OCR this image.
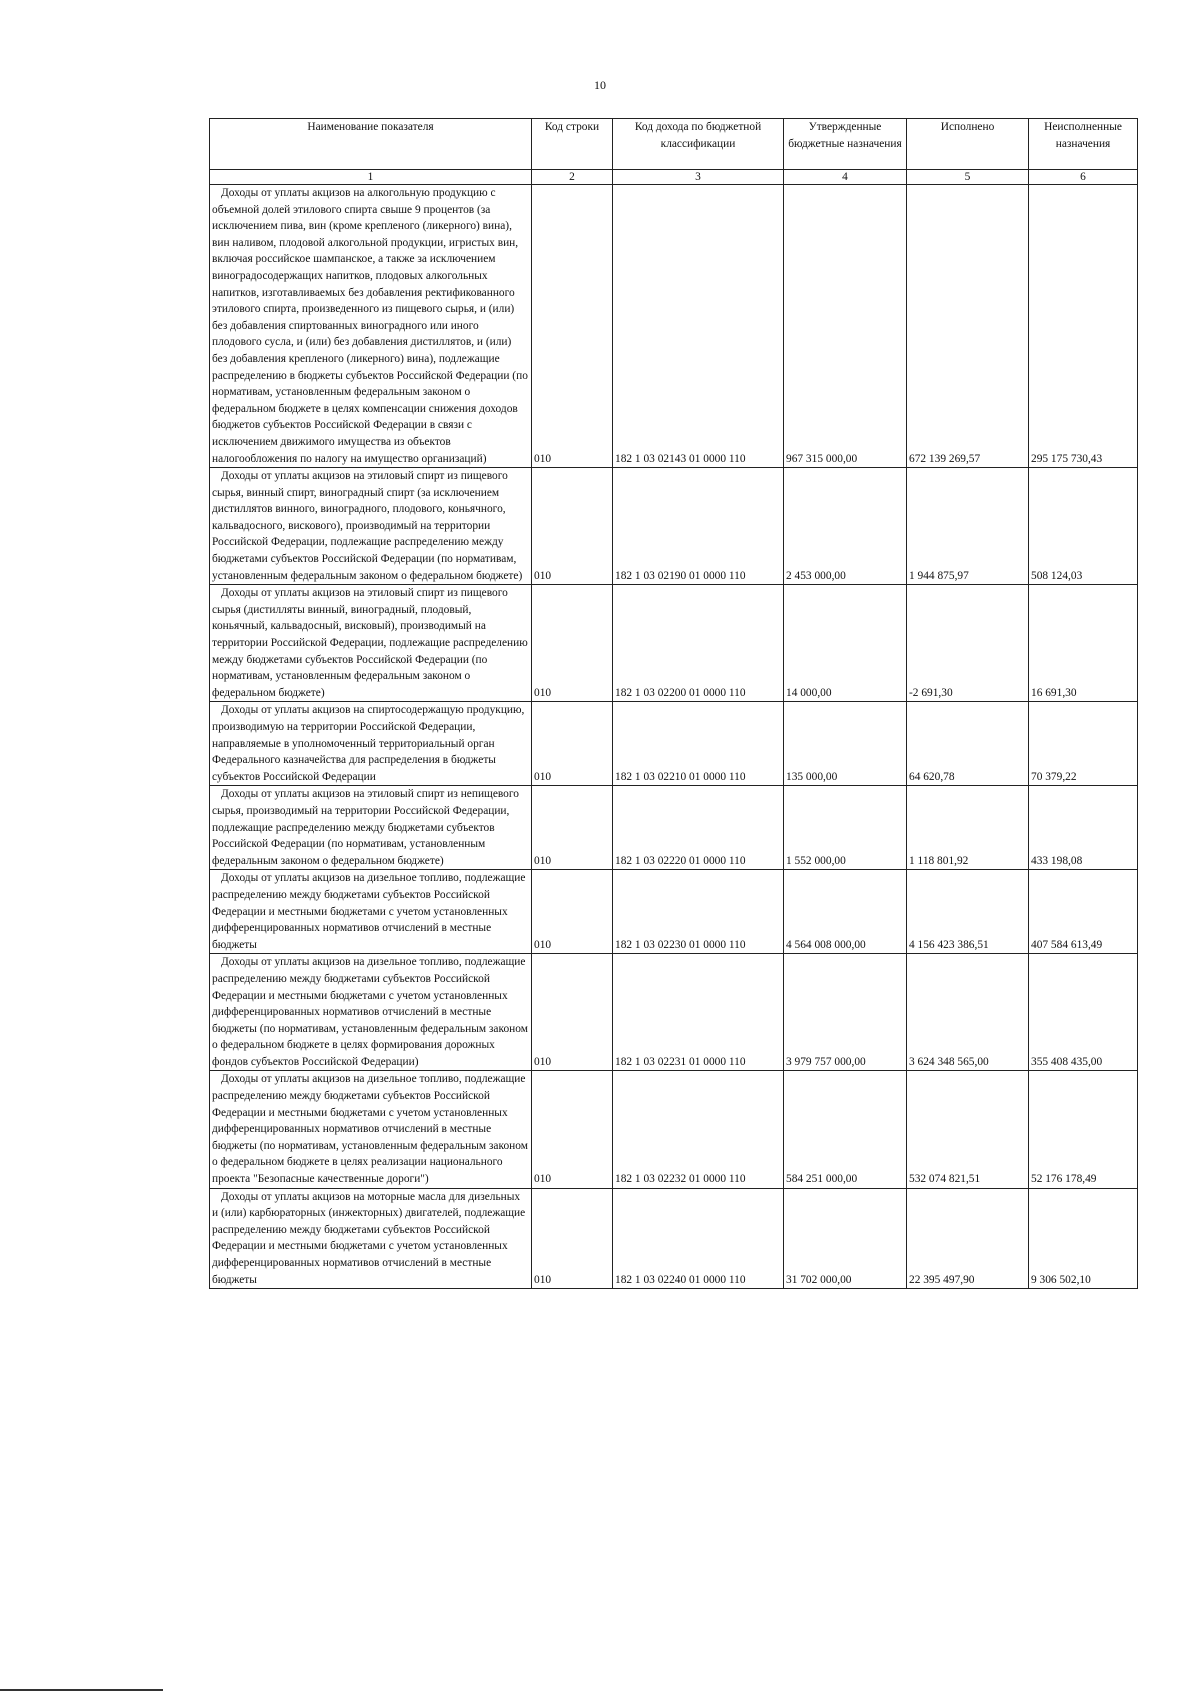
10
Наименование показателя	Код строки	Код дохода по бюджетной классификации	Утвержденные бюджетные назначения	Исполнено	Неисполненные назначения
1	2	3	4	5	6

Доходы от уплаты акцизов на алкогольную продукцию с объемной долей этилового спирта свыше 9 процентов (за исключением пива, вин (кроме крепленого (ликерного) вина), вин наливом, плодовой алкогольной продукции, игристых вин, включая российское шампанское, а также за исключением виноградосодержащих напитков, плодовых алкогольных напитков, изготавливаемых без добавления ректификованного этилового спирта, произведенного из пищевого сырья, и (или) без добавления спиртованных виноградного или иного плодового сусла, и (или) без добавления дистиллятов, и (или) без добавления крепленого (ликерного) вина), подлежащие распределению в бюджеты субъектов Российской Федерации (по нормативам, установленным федеральным законом о федеральном бюджете в целях компенсации снижения доходов бюджетов субъектов Российской Федерации в связи с исключением движимого имущества из объектов налогообложения по налогу на имущество организаций)	010	182 1 03 02143 01 0000 110	967 315 000,00	672 139 269,57	295 175 730,43

Доходы от уплаты акцизов на этиловый спирт из пищевого сырья, винный спирт, виноградный спирт (за исключением дистиллятов винного, виноградного, плодового, коньячного, кальвадосного, вискового), производимый на территории Российской Федерации, подлежащие распределению между бюджетами субъектов Российской Федерации (по нормативам, установленным федеральным законом о федеральном бюджете)	010	182 1 03 02190 01 0000 110	2 453 000,00	1 944 875,97	508 124,03

Доходы от уплаты акцизов на этиловый спирт из пищевого сырья (дистилляты винный, виноградный, плодовый, коньячный, кальвадосный, висковый), производимый на территории Российской Федерации, подлежащие распределению между бюджетами субъектов Российской Федерации (по нормативам, установленным федеральным законом о федеральном бюджете)	010	182 1 03 02200 01 0000 110	14 000,00	-2 691,30	16 691,30

Доходы от уплаты акцизов на спиртосодержащую продукцию, производимую на территории Российской Федерации, направляемые в уполномоченный территориальный орган Федерального казначейства для распределения в бюджеты субъектов Российской Федерации	010	182 1 03 02210 01 0000 110	135 000,00	64 620,78	70 379,22

Доходы от уплаты акцизов на этиловый спирт из непищевого сырья, производимый на территории Российской Федерации, подлежащие распределению между бюджетами субъектов Российской Федерации (по нормативам, установленным федеральным законом о федеральном бюджете)	010	182 1 03 02220 01 0000 110	1 552 000,00	1 118 801,92	433 198,08

Доходы от уплаты акцизов на дизельное топливо, подлежащие распределению между бюджетами субъектов Российской Федерации и местными бюджетами с учетом установленных дифференцированных нормативов отчислений в местные бюджеты	010	182 1 03 02230 01 0000 110	4 564 008 000,00	4 156 423 386,51	407 584 613,49

Доходы от уплаты акцизов на дизельное топливо, подлежащие распределению между бюджетами субъектов Российской Федерации и местными бюджетами с учетом установленных дифференцированных нормативов отчислений в местные бюджеты (по нормативам, установленным федеральным законом о федеральном бюджете в целях формирования дорожных фондов субъектов Российской Федерации)	010	182 1 03 02231 01 0000 110	3 979 757 000,00	3 624 348 565,00	355 408 435,00

Доходы от уплаты акцизов на дизельное топливо, подлежащие распределению между бюджетами субъектов Российской Федерации и местными бюджетами с учетом установленных дифференцированных нормативов отчислений в местные бюджеты (по нормативам, установленным федеральным законом о федеральном бюджете в целях реализации национального проекта "Безопасные качественные дороги")	010	182 1 03 02232 01 0000 110	584 251 000,00	532 074 821,51	52 176 178,49

Доходы от уплаты акцизов на моторные масла для дизельных и (или) карбюраторных (инжекторных) двигателей, подлежащие распределению между бюджетами субъектов Российской Федерации и местными бюджетами с учетом установленных дифференцированных нормативов отчислений в местные бюджеты	010	182 1 03 02240 01 0000 110	31 702 000,00	22 395 497,90	9 306 502,10
